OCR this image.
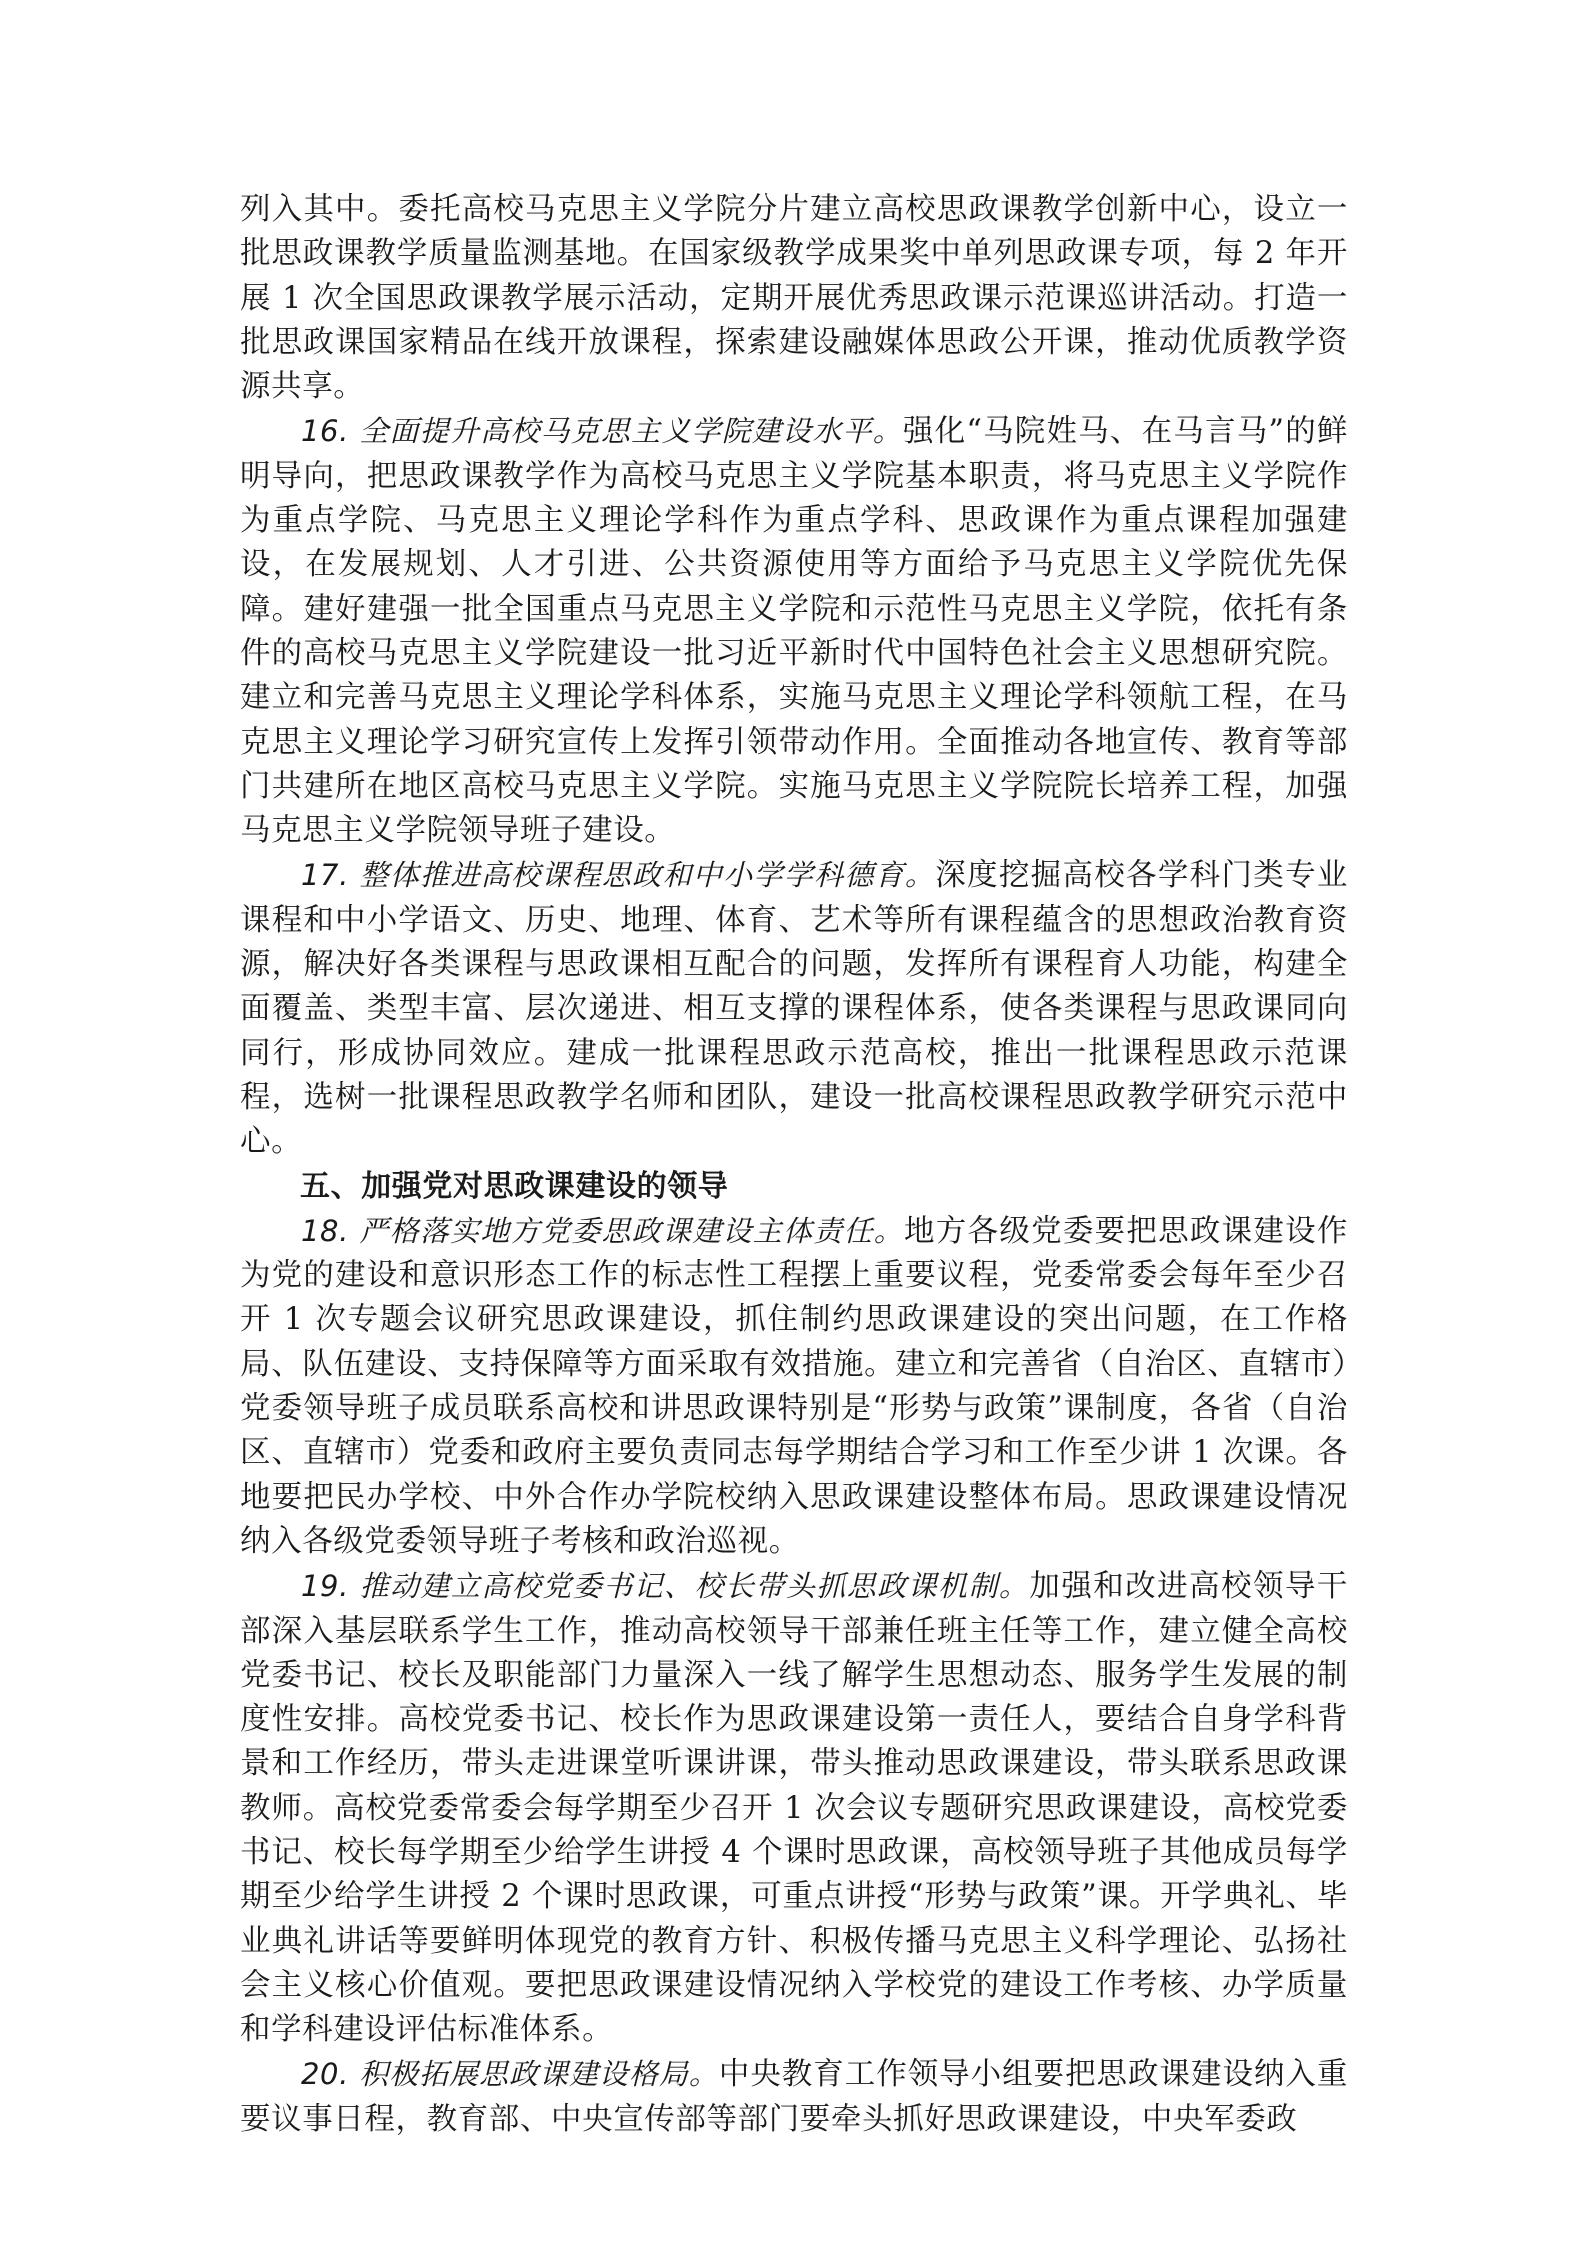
列入其中。委托高校马克思主义学院分片建立高校思政课教学创新中心，设立一批思政课教学质量监测基地。在国家级教学成果奖中单列思政课专项，每 2 年开展 1 次全国思政课教学展示活动，定期开展优秀思政课示范课巡讲活动。打造一批思政课国家精品在线开放课程，探索建设融媒体思政公开课，推动优质教学资源共享。

16. 全面提升高校马克思主义学院建设水平。强化“马院姓马、在马言马”的鲜明导向，把思政课教学作为高校马克思主义学院基本职责，将马克思主义学院作为重点学院、马克思主义理论学科作为重点学科、思政课作为重点课程加强建设，在发展规划、人才引进、公共资源使用等方面给予马克思主义学院优先保障。建好建强一批全国重点马克思主义学院和示范性马克思主义学院，依托有条件的高校马克思主义学院建设一批习近平新时代中国特色社会主义思想研究院。建立和完善马克思主义理论学科体系，实施马克思主义理论学科领航工程，在马克思主义理论学习研究宣传上发挥引领带动作用。全面推动各地宣传、教育等部门共建所在地区高校马克思主义学院。实施马克思主义学院院长培养工程，加强马克思主义学院领导班子建设。

17. 整体推进高校课程思政和中小学学科德育。深度挖掘高校各学科门类专业课程和中小学语文、历史、地理、体育、艺术等所有课程蕴含的思想政治教育资源，解决好各类课程与思政课相互配合的问题，发挥所有课程育人功能，构建全面覆盖、类型丰富、层次递进、相互支撑的课程体系，使各类课程与思政课同向同行，形成协同效应。建成一批课程思政示范高校，推出一批课程思政示范课程，选树一批课程思政教学名师和团队，建设一批高校课程思政教学研究示范中心。

五、加强党对思政课建设的领导

18. 严格落实地方党委思政课建设主体责任。地方各级党委要把思政课建设作为党的建设和意识形态工作的标志性工程摆上重要议程，党委常委会每年至少召开 1 次专题会议研究思政课建设，抓住制约思政课建设的突出问题，在工作格局、队伍建设、支持保障等方面采取有效措施。建立和完善省（自治区、直辖市）党委领导班子成员联系高校和讲思政课特别是“形势与政策”课制度，各省（自治区、直辖市）党委和政府主要负责同志每学期结合学习和工作至少讲 1 次课。各地要把民办学校、中外合作办学院校纳入思政课建设整体布局。思政课建设情况纳入各级党委领导班子考核和政治巡视。

19. 推动建立高校党委书记、校长带头抓思政课机制。加强和改进高校领导干部深入基层联系学生工作，推动高校领导干部兼任班主任等工作，建立健全高校党委书记、校长及职能部门力量深入一线了解学生思想动态、服务学生发展的制度性安排。高校党委书记、校长作为思政课建设第一责任人，要结合自身学科背景和工作经历，带头走进课堂听课讲课，带头推动思政课建设，带头联系思政课教师。高校党委常委会每学期至少召开 1 次会议专题研究思政课建设，高校党委书记、校长每学期至少给学生讲授 4 个课时思政课，高校领导班子其他成员每学期至少给学生讲授 2 个课时思政课，可重点讲授“形势与政策”课。开学典礼、毕业典礼讲话等要鲜明体现党的教育方针、积极传播马克思主义科学理论、弘扬社会主义核心价值观。要把思政课建设情况纳入学校党的建设工作考核、办学质量和学科建设评估标准体系。

20. 积极拓展思政课建设格局。中央教育工作领导小组要把思政课建设纳入重要议事日程，教育部、中央宣传部等部门要牵头抓好思政课建设，中央军委政
